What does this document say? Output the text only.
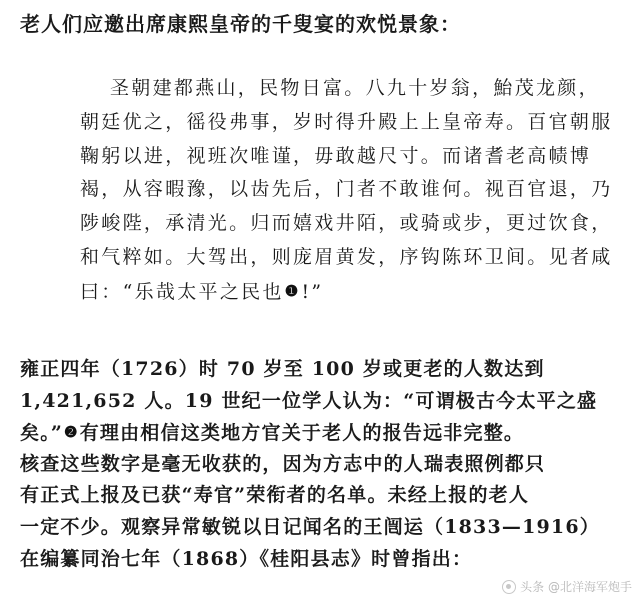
老人们应邀出席康熙皇帝的千叟宴的欢悦景象：
圣朝建都燕山，民物日富。八九十岁翁，鮐茂龙颜，
朝廷优之，徭役弗事，岁时得升殿上上皇帝寿。百官朝服
鞠躬以进，视班次唯谨，毋敢越尺寸。而诸耆老高帻博
褐，从容暇豫，以齿先后，门者不敢谁何。视百官退，乃
陟峻陛，承清光。归而嬉戏井陌，或骑或步，更过饮食，
和气粹如。大驾出，则庞眉黄发，序钩陈环卫间。见者咸
曰：“乐哉太平之民也❶!”
雍正四年（1726）时 70 岁至 100 岁或更老的人数达到
1,421,652 人。19 世纪一位学人认为：“可谓极古今太平之盛
矣。”❷有理由相信这类地方官关于老人的报告远非完整。
核查这些数字是毫无收获的，因为方志中的人瑞表照例都只
有正式上报及已获“寿官”荣衔者的名单。未经上报的老人
一定不少。观察异常敏锐以日记闻名的王闿运（1833—1916）
在编纂同治七年（1868）《桂阳县志》时曾指出：
头条 @北洋海军炮手
